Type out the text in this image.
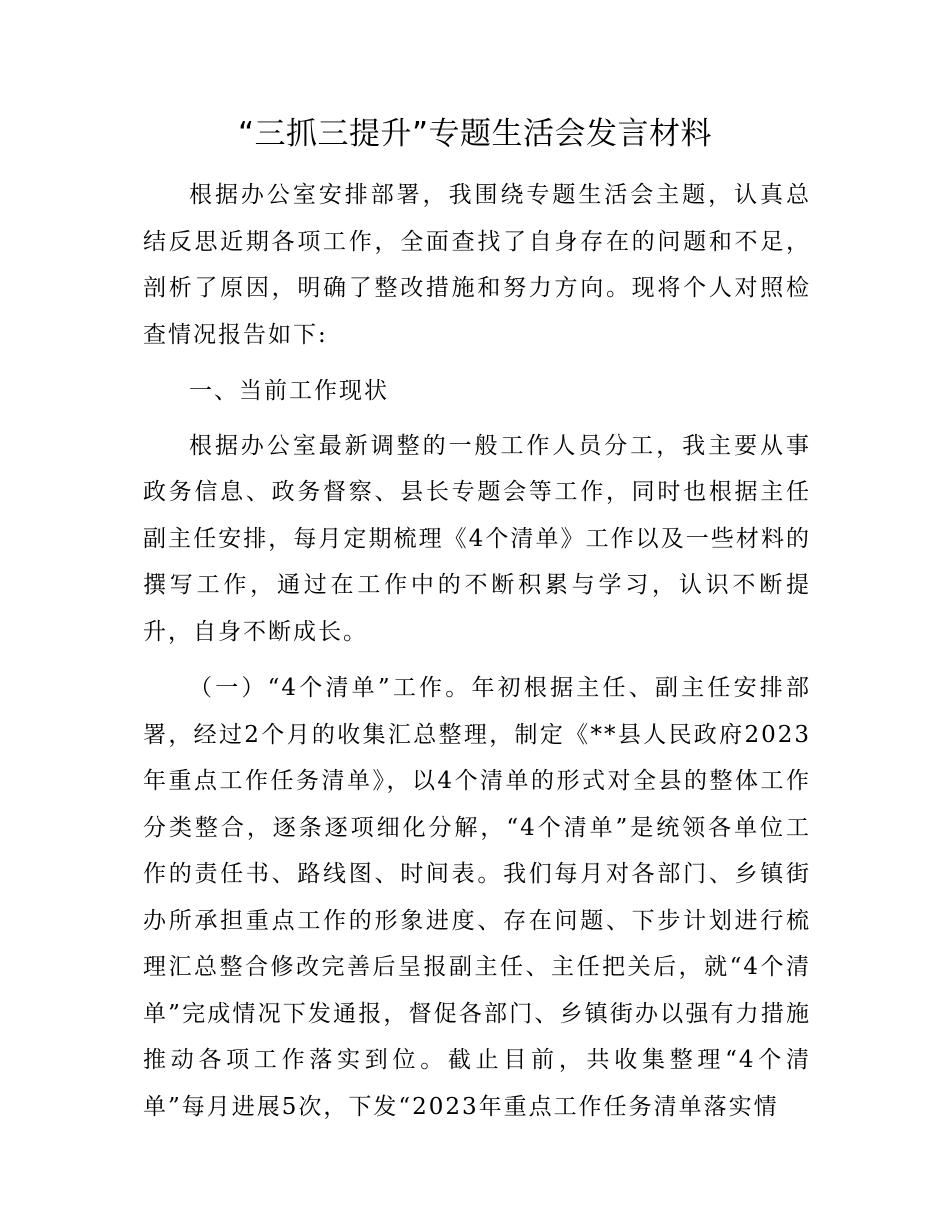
“三抓三提升”专题生活会发言材料

根据办公室安排部署，我围绕专题生活会主题，认真总结反思近期各项工作，全面查找了自身存在的问题和不足，剖析了原因，明确了整改措施和努力方向。现将个人对照检查情况报告如下:

一、当前工作现状

根据办公室最新调整的一般工作人员分工，我主要从事政务信息、政务督察、县长专题会等工作，同时也根据主任副主任安排，每月定期梳理《4个清单》工作以及一些材料的撰写工作，通过在工作中的不断积累与学习，认识不断提升，自身不断成长。

（一）“4个清单”工作。年初根据主任、副主任安排部署，经过2个月的收集汇总整理，制定《**县人民政府2023年重点工作任务清单》，以4个清单的形式对全县的整体工作分类整合，逐条逐项细化分解，“4个清单”是统领各单位工作的责任书、路线图、时间表。我们每月对各部门、乡镇街办所承担重点工作的形象进度、存在问题、下步计划进行梳理汇总整合修改完善后呈报副主任、主任把关后，就“4个清单”完成情况下发通报，督促各部门、乡镇街办以强有力措施推动各项工作落实到位。截止目前，共收集整理“4个清单”每月进展5次，下发“2023年重点工作任务清单落实情
